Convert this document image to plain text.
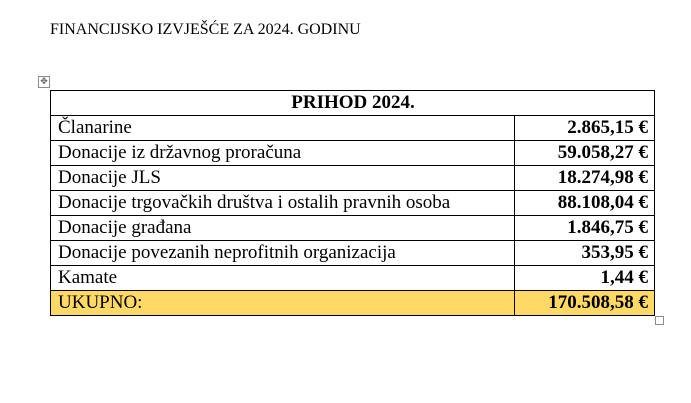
FINANCIJSKO IZVJEŠĆE ZA 2024. GODINU
✥
PRIHOD 2024.	
Članarine	2.865,15 €
Donacije iz državnog proračuna	59.058,27 €
Donacije JLS	18.274,98 €
Donacije trgovačkih društva i ostalih pravnih osoba	88.108,04 €
Donacije građana	1.846,75 €
Donacije povezanih neprofitnih organizacija	353,95 €
Kamate	1,44 €
UKUPNO:	170.508,58 €
